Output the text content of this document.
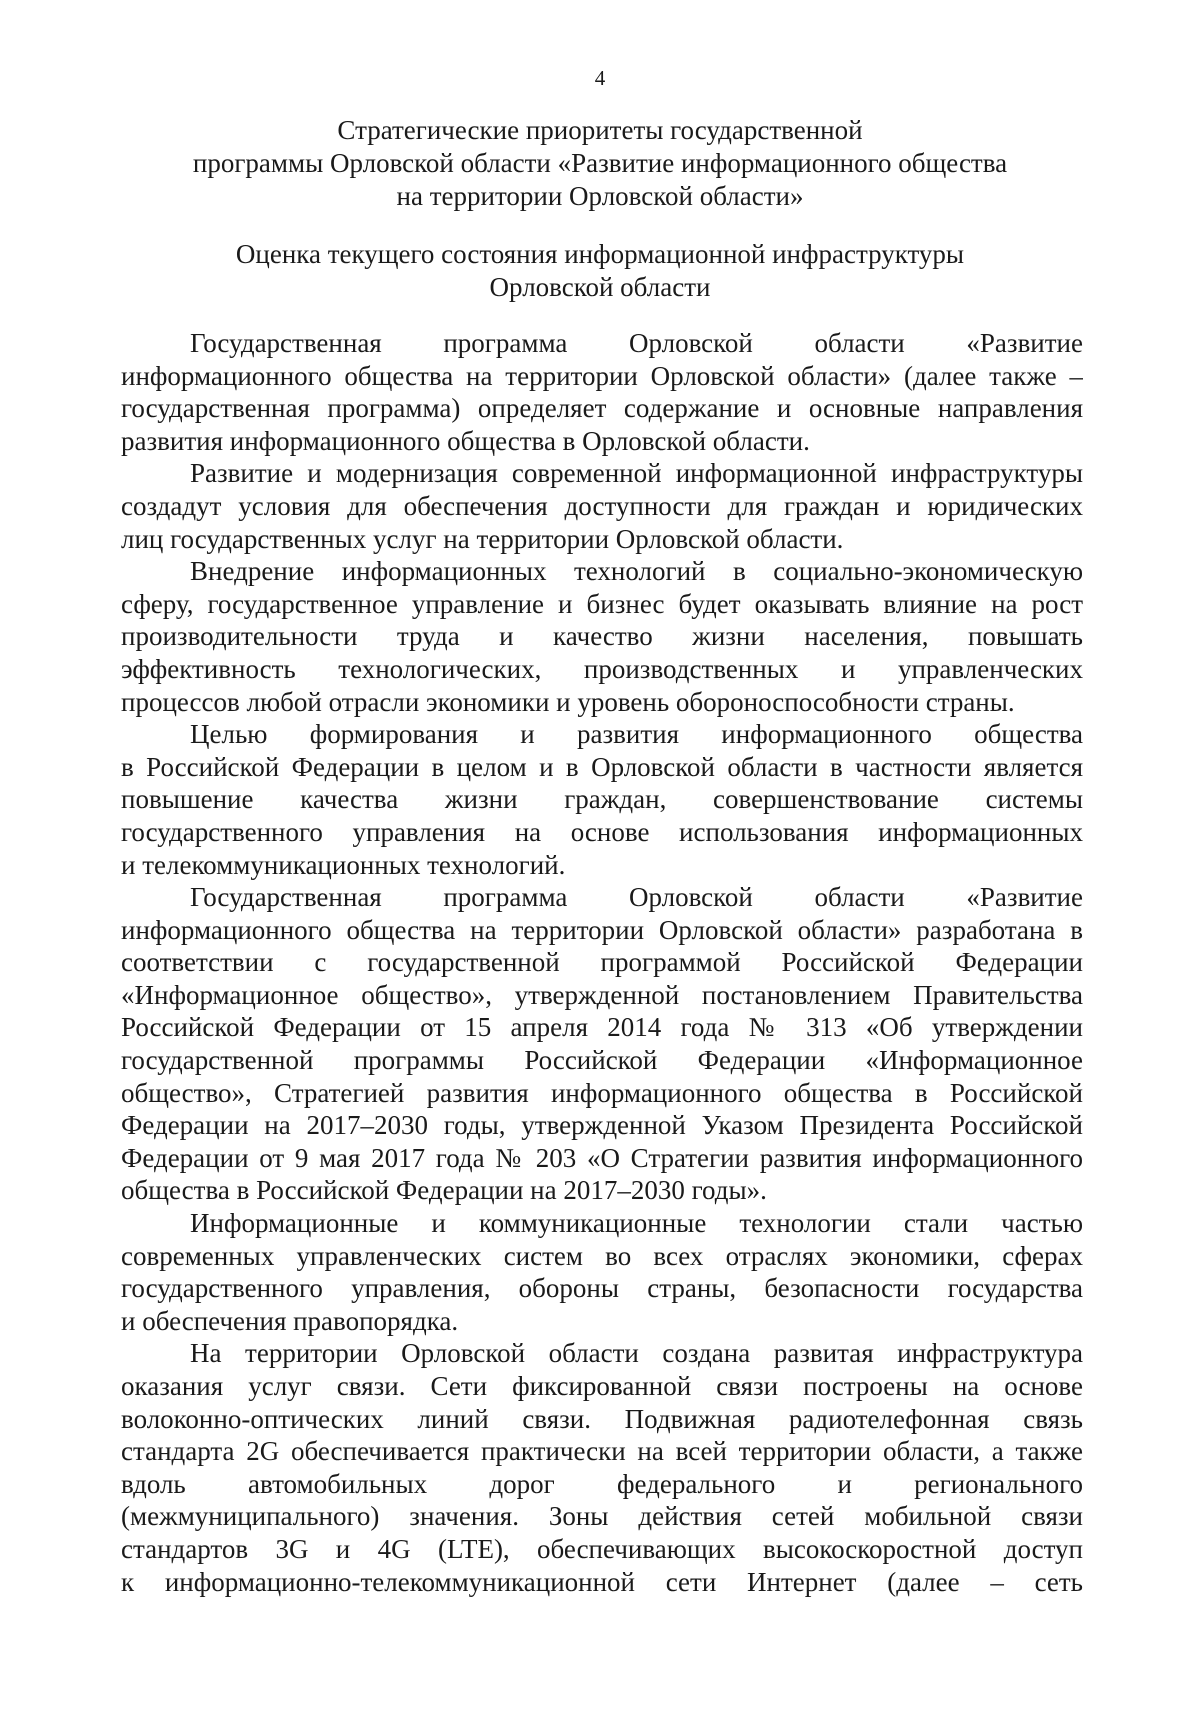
4
Стратегические приоритеты государственной
программы Орловской области «Развитие информационного общества
на территории Орловской области»
Оценка текущего состояния информационной инфраструктуры
Орловской области
Государственная программа Орловской области «Развитие
информационного общества на территории Орловской области» (далее также –
государственная программа) определяет содержание и основные направления
развития информационного общества в Орловской области.
Развитие и модернизация современной информационной инфраструктуры
создадут условия для обеспечения доступности для граждан и юридических
лиц государственных услуг на территории Орловской области.
Внедрение информационных технологий в социально-экономическую
сферу, государственное управление и бизнес будет оказывать влияние на рост
производительности труда и качество жизни населения, повышать
эффективность технологических, производственных и управленческих
процессов любой отрасли экономики и уровень обороноспособности страны.
Целью формирования и развития информационного общества
в Российской Федерации в целом и в Орловской области в частности является
повышение качества жизни граждан, совершенствование системы
государственного управления на основе использования информационных
и телекоммуникационных технологий.
Государственная программа Орловской области «Развитие
информационного общества на территории Орловской области» разработана в
соответствии с государственной программой Российской Федерации
«Информационное общество», утвержденной постановлением Правительства
Российской Федерации от 15 апреля 2014 года № 313 «Об утверждении
государственной программы Российской Федерации «Информационное
общество», Стратегией развития информационного общества в Российской
Федерации на 2017–2030 годы, утвержденной Указом Президента Российской
Федерации от 9 мая 2017 года № 203 «О Стратегии развития информационного
общества в Российской Федерации на 2017–2030 годы».
Информационные и коммуникационные технологии стали частью
современных управленческих систем во всех отраслях экономики, сферах
государственного управления, обороны страны, безопасности государства
и обеспечения правопорядка.
На территории Орловской области создана развитая инфраструктура
оказания услуг связи. Сети фиксированной связи построены на основе
волоконно-оптических линий связи. Подвижная радиотелефонная связь
стандарта 2G обеспечивается практически на всей территории области, а также
вдоль автомобильных дорог федерального и регионального
(межмуниципального) значения. Зоны действия сетей мобильной связи
стандартов 3G и 4G (LTE), обеспечивающих высокоскоростной доступ
к информационно-телекоммуникационной сети Интернет (далее – сеть
